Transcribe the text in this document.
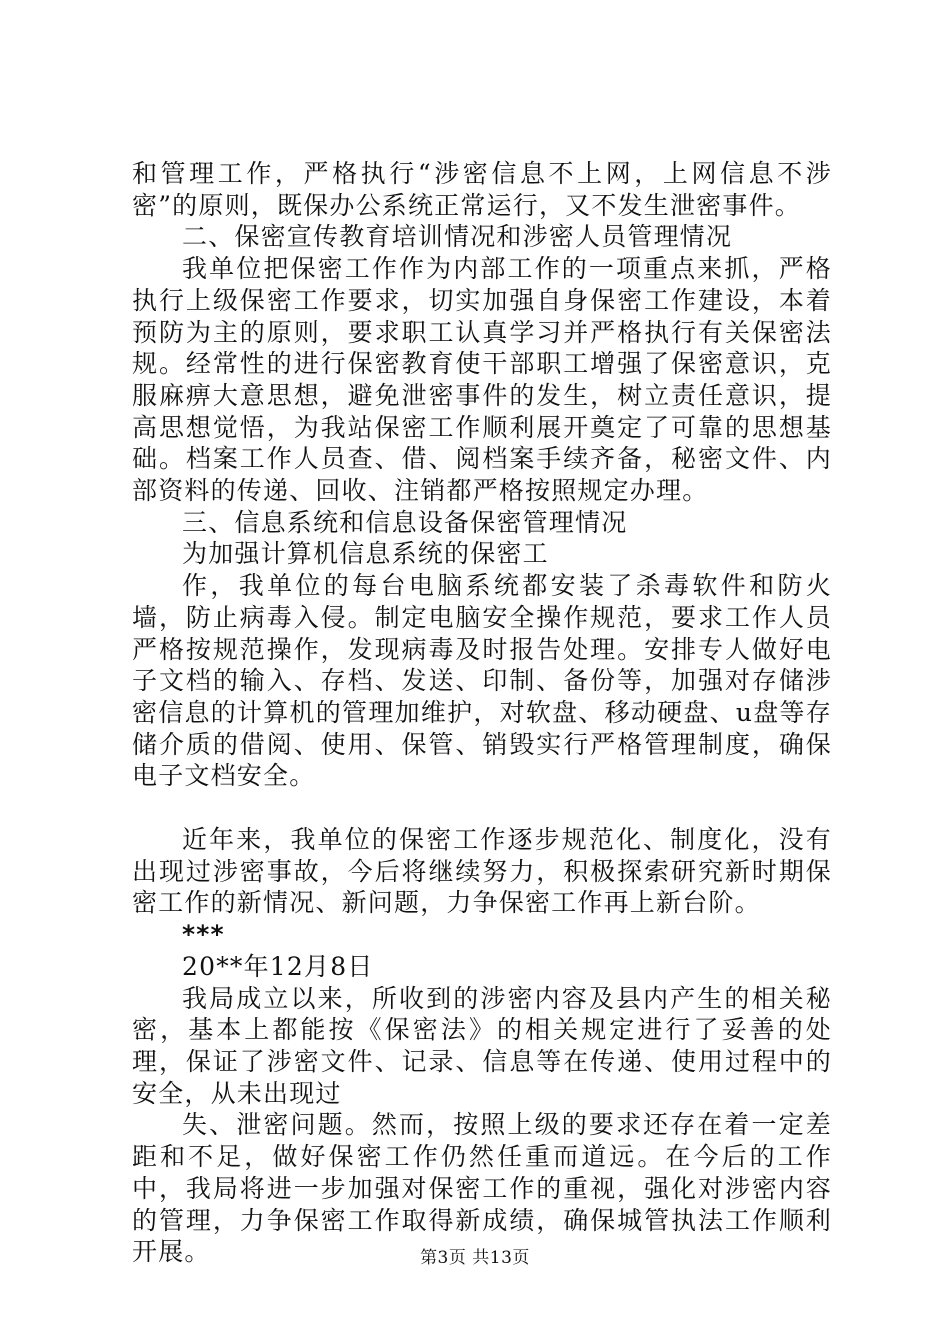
和管理工作，严格执行“涉密信息不上网，上网信息不涉密”的原则，既保办公系统正常运行，又不发生泄密事件。

二、保密宣传教育培训情况和涉密人员管理情况

我单位把保密工作作为内部工作的一项重点来抓，严格执行上级保密工作要求，切实加强自身保密工作建设，本着预防为主的原则，要求职工认真学习并严格执行有关保密法规。经常性的进行保密教育使干部职工增强了保密意识，克服麻痹大意思想，避免泄密事件的发生，树立责任意识，提高思想觉悟，为我站保密工作顺利展开奠定了可靠的思想基础。档案工作人员查、借、阅档案手续齐备，秘密文件、内部资料的传递、回收、注销都严格按照规定办理。

三、信息系统和信息设备保密管理情况

为加强计算机信息系统的保密工

作，我单位的每台电脑系统都安装了杀毒软件和防火墙，防止病毒入侵。制定电脑安全操作规范，要求工作人员严格按规范操作，发现病毒及时报告处理。安排专人做好电子文档的输入、存档、发送、印制、备份等，加强对存储涉密信息的计算机的管理加维护，对软盘、移动硬盘、u盘等存储介质的借阅、使用、保管、销毁实行严格管理制度，确保电子文档安全。

近年来，我单位的保密工作逐步规范化、制度化，没有出现过涉密事故，今后将继续努力，积极探索研究新时期保密工作的新情况、新问题，力争保密工作再上新台阶。

***

20**年12月8日

我局成立以来，所收到的涉密内容及县内产生的相关秘密，基本上都能按《保密法》的相关规定进行了妥善的处理，保证了涉密文件、记录、信息等在传递、使用过程中的安全，从未出现过

失、泄密问题。然而，按照上级的要求还存在着一定差距和不足，做好保密工作仍然任重而道远。在今后的工作中，我局将进一步加强对保密工作的重视，强化对涉密内容的管理，力争保密工作取得新成绩，确保城管执法工作顺利开展。	第3页 共13页
